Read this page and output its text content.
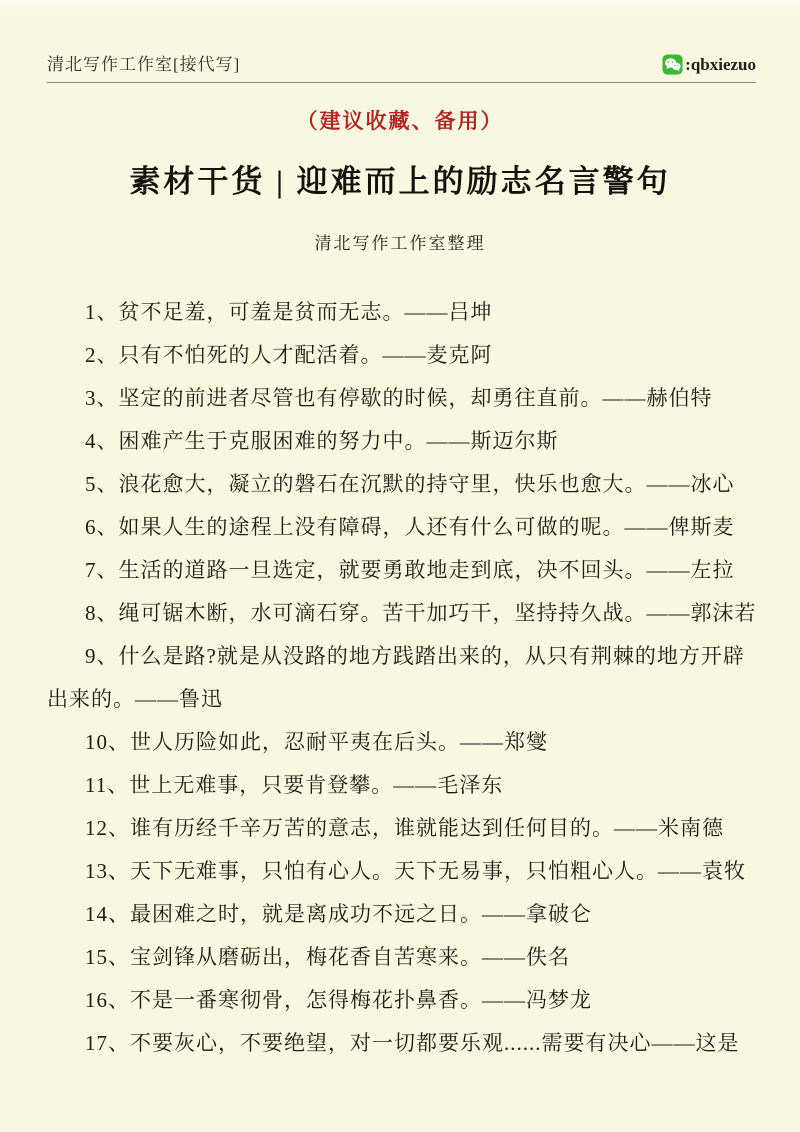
清北写作工作室[接代写]	:qbxiezuo
（建议收藏、备用）
素材干货 | 迎难而上的励志名言警句
清北写作工作室整理

1、贫不足羞，可羞是贫而无志。——吕坤

2、只有不怕死的人才配活着。——麦克阿

3、坚定的前进者尽管也有停歇的时候，却勇往直前。——赫伯特

4、困难产生于克服困难的努力中。——斯迈尔斯

5、浪花愈大，凝立的磐石在沉默的持守里，快乐也愈大。——冰心

6、如果人生的途程上没有障碍，人还有什么可做的呢。——俾斯麦

7、生活的道路一旦选定，就要勇敢地走到底，决不回头。——左拉

8、绳可锯木断，水可滴石穿。苦干加巧干，坚持持久战。——郭沫若

9、什么是路?就是从没路的地方践踏出来的，从只有荆棘的地方开辟出来的。——鲁迅

10、世人历险如此，忍耐平夷在后头。——郑燮

11、世上无难事，只要肯登攀。——毛泽东

12、谁有历经千辛万苦的意志，谁就能达到任何目的。——米南德

13、天下无难事，只怕有心人。天下无易事，只怕粗心人。——袁牧

14、最困难之时，就是离成功不远之日。——拿破仑

15、宝剑锋从磨砺出，梅花香自苦寒来。——佚名

16、不是一番寒彻骨，怎得梅花扑鼻香。——冯梦龙

17、不要灰心，不要绝望，对一切都要乐观......需要有决心——这是
